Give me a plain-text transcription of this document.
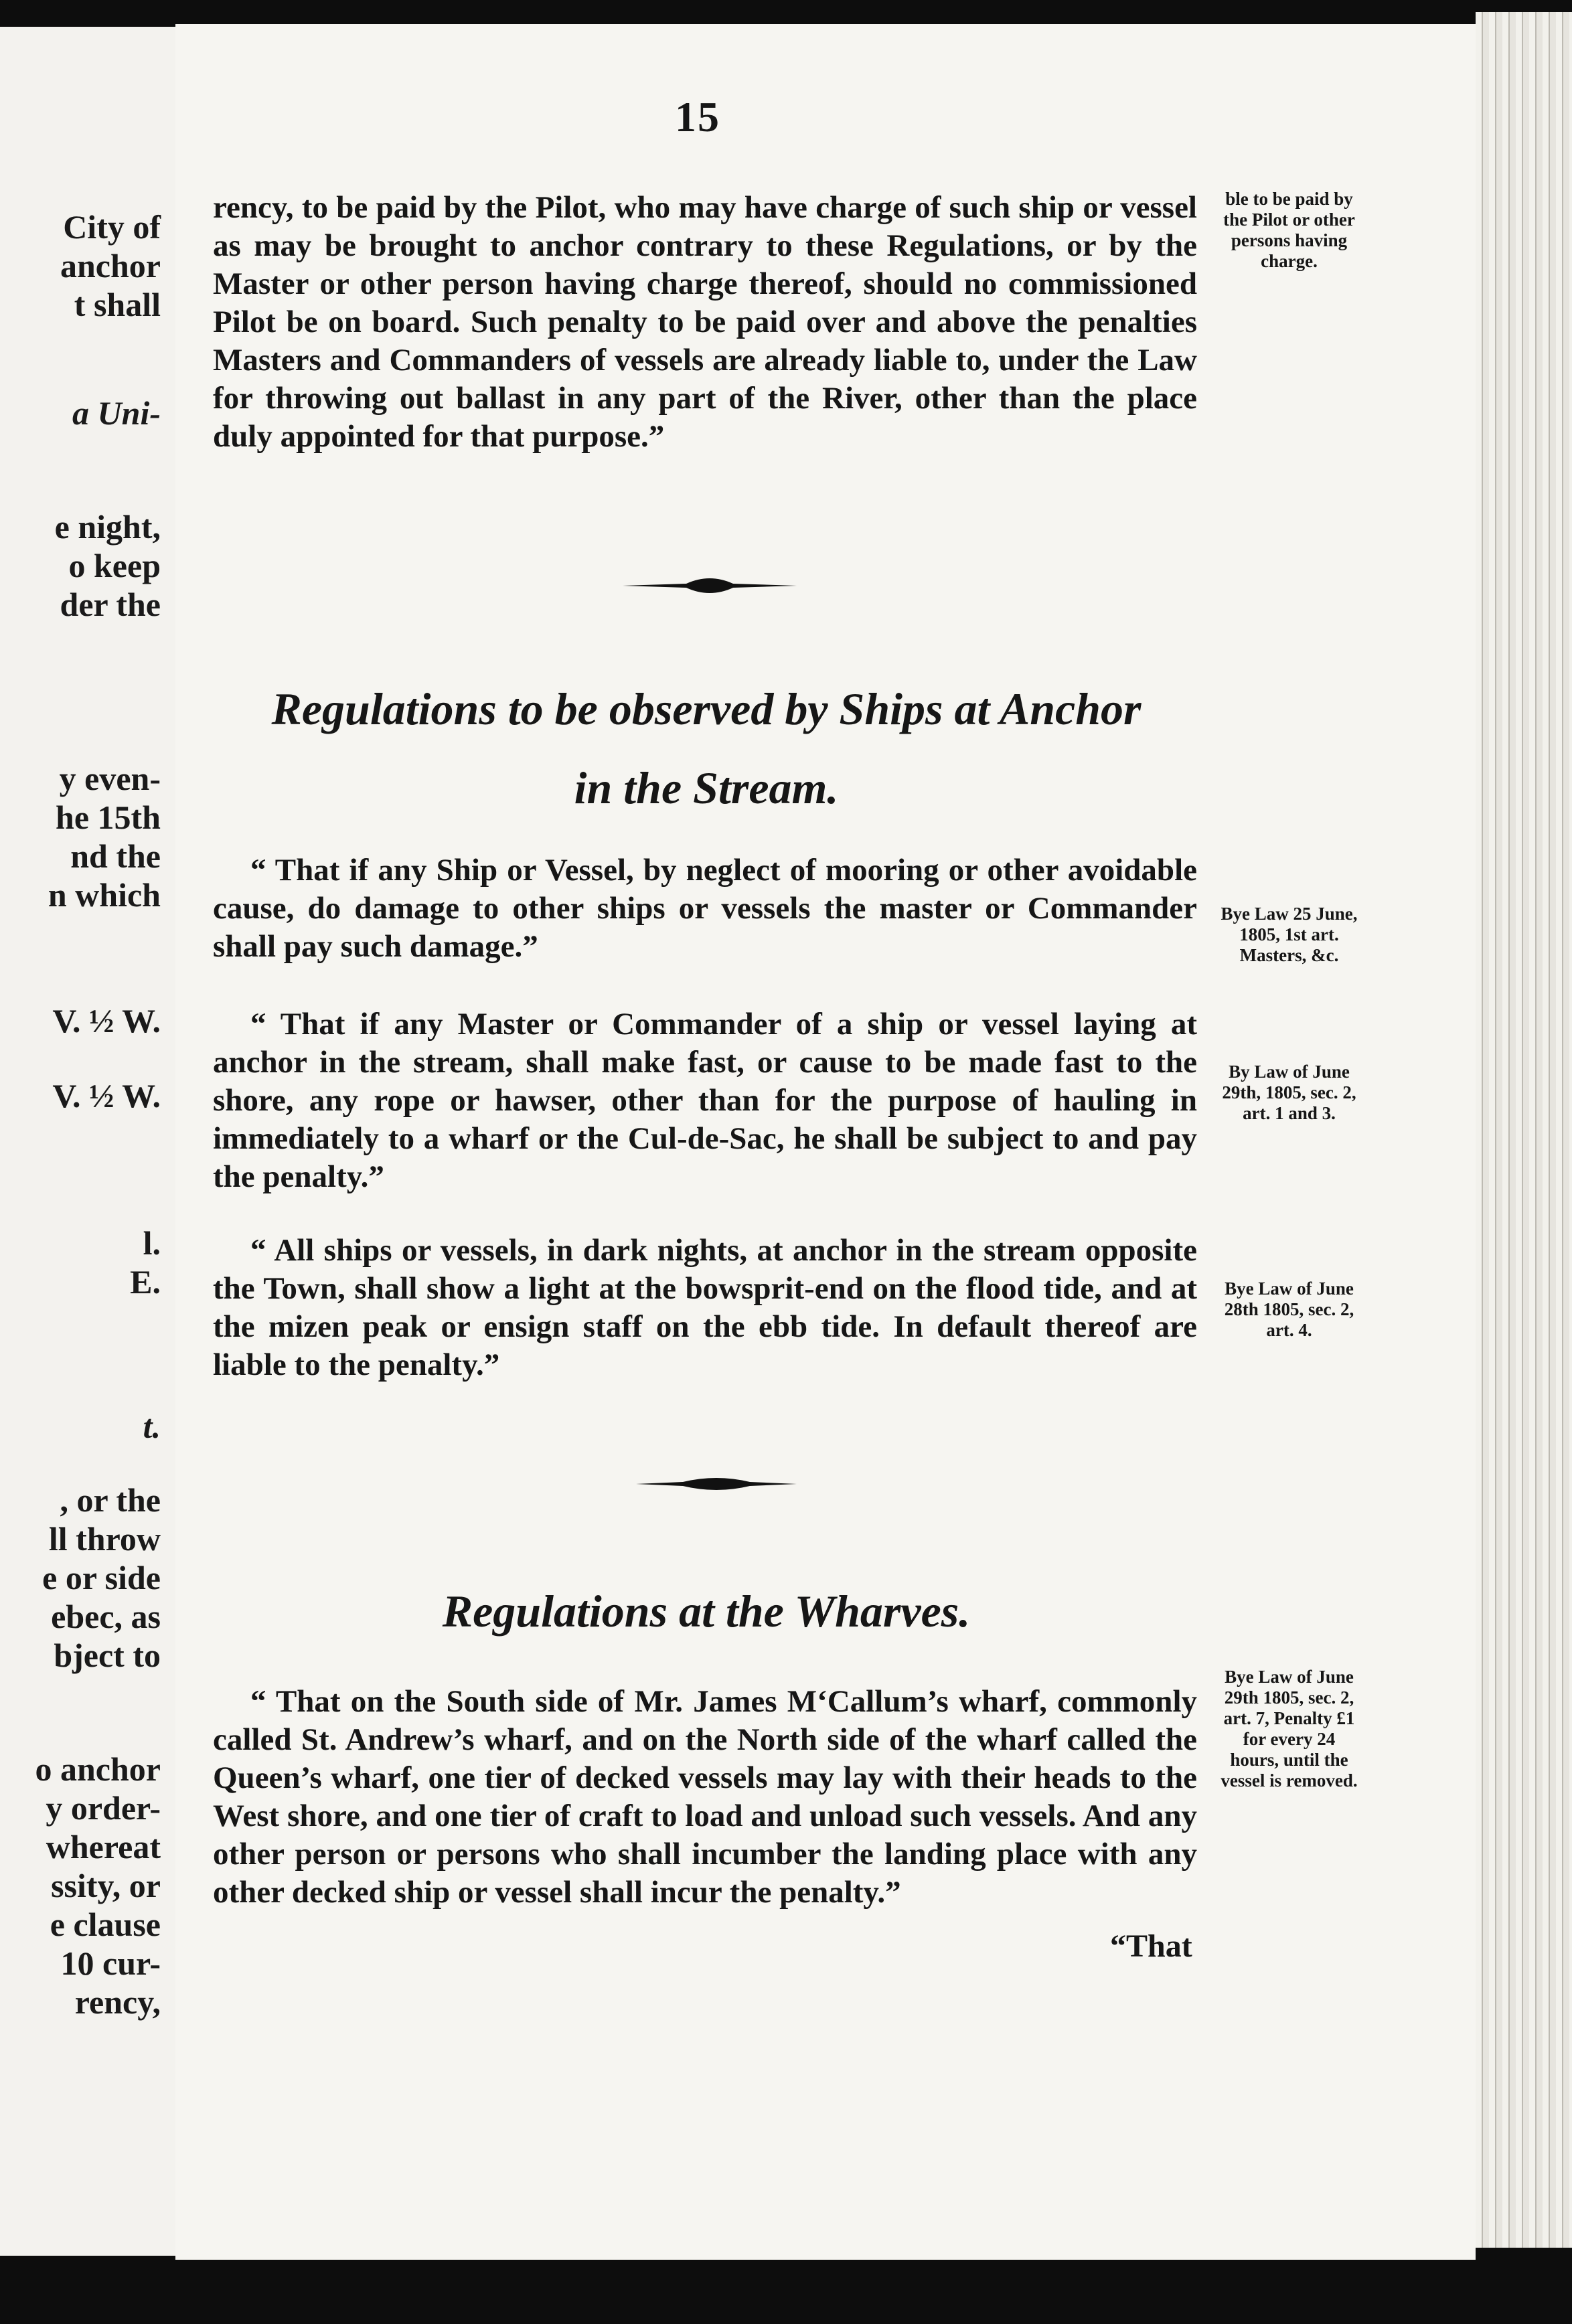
City of
anchor
t shall
a Uni-
e night,
o keep
der the
y even-
he 15th
nd the
n which
V. ½ W.
V. ½ W.
l.
E.
t.
, or the
ll throw
e or side
ebec, as
bject to
o anchor
y order-
whereat
ssity, or
e clause
10 cur-
rency,
15

rency, to be paid by the Pilot, who may have charge of such ship or vessel as may be brought to anchor contrary to these Regulations, or by the Master or other person having charge thereof, should no commissioned Pilot be on board. Such penalty to be paid over and above the penalties Masters and Commanders of vessels are already liable to, under the Law for throwing out ballast in any part of the River, other than the place duly appointed for that purpose.”

ble to be paid by the Pilot or other persons having charge.
Regulations to be observed by Ships at Anchor
in the Stream.

“ That if any Ship or Vessel, by neglect of mooring or other avoidable cause, do damage to other ships or vessels the master or Commander shall pay such damage.”

Bye Law 25 June, 1805, 1st art. Masters, &c.

“ That if any Master or Commander of a ship or vessel laying at anchor in the stream, shall make fast, or cause to be made fast to the shore, any rope or hawser, other than for the purpose of hauling in immediately to a wharf or the Cul-de-Sac, he shall be subject to and pay the penalty.”

By Law of June 29th, 1805, sec. 2, art. 1 and 3.

“ All ships or vessels, in dark nights, at anchor in the stream opposite the Town, shall show a light at the bowsprit-end on the flood tide, and at the mizen peak or ensign staff on the ebb tide. In default thereof are liable to the penalty.”

Bye Law of June 28th 1805, sec. 2, art. 4.
Regulations at the Wharves.

“ That on the South side of Mr. James M‘Callum’s wharf, commonly called St. Andrew’s wharf, and on the North side of the wharf called the Queen’s wharf, one tier of decked vessels may lay with their heads to the West shore, and one tier of craft to load and unload such vessels. And any other person or persons who shall incumber the landing place with any other decked ship or vessel shall incur the penalty.”

Bye Law of June 29th 1805, sec. 2, art. 7, Penalty £1 for every 24 hours, until the vessel is removed.
“That
